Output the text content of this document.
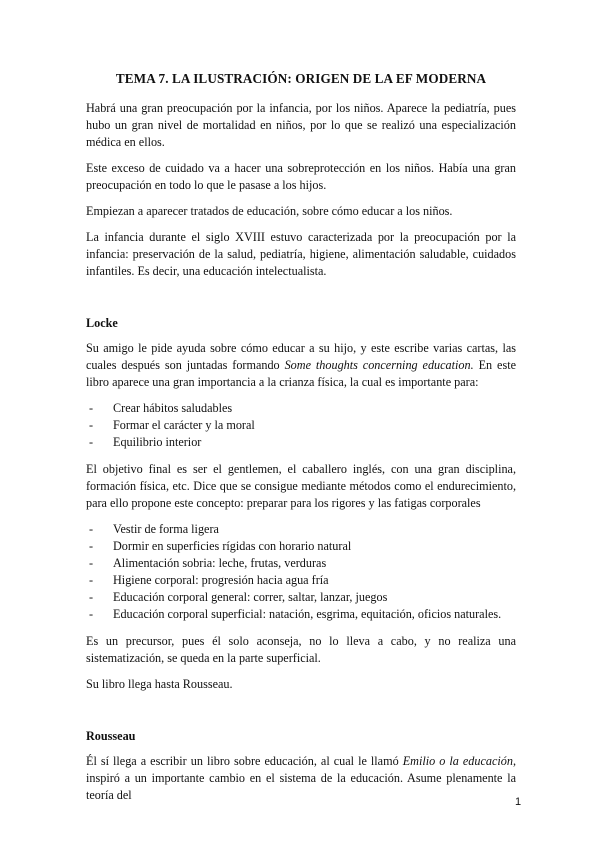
TEMA 7. LA ILUSTRACIÓN: ORIGEN DE LA EF MODERNA

Habrá una gran preocupación por la infancia, por los niños. Aparece la pediatría, pues hubo un gran nivel de mortalidad en niños, por lo que se realizó una especialización médica en ellos.

Este exceso de cuidado va a hacer una sobreprotección en los niños. Había una gran preocupación en todo lo que le pasase a los hijos.

Empiezan a aparecer tratados de educación, sobre cómo educar a los niños.

La infancia durante el siglo XVIII estuvo caracterizada por la preocupación por la infancia: preservación de la salud, pediatría, higiene, alimentación saludable, cuidados infantiles. Es decir, una educación intelectualista.

Locke

Su amigo le pide ayuda sobre cómo educar a su hijo, y este escribe varias cartas, las cuales después son juntadas formando Some thoughts concerning education. En este libro aparece una gran importancia a la crianza física, la cual es importante para:

- Crear hábitos saludables
- Formar el carácter y la moral
- Equilibrio interior

El objetivo final es ser el gentlemen, el caballero inglés, con una gran disciplina, formación física, etc. Dice que se consigue mediante métodos como el endurecimiento, para ello propone este concepto: preparar para los rigores y las fatigas corporales

- Vestir de forma ligera
- Dormir en superficies rígidas con horario natural
- Alimentación sobria: leche, frutas, verduras
- Higiene corporal: progresión hacia agua fría
- Educación corporal general: correr, saltar, lanzar, juegos
- Educación corporal superficial: natación, esgrima, equitación, oficios naturales.

Es un precursor, pues él solo aconseja, no lo lleva a cabo, y no realiza una sistematización, se queda en la parte superficial.

Su libro llega hasta Rousseau.

Rousseau

Él sí llega a escribir un libro sobre educación, al cual le llamó Emilio o la educación, inspiró a un importante cambio en el sistema de la educación. Asume plenamente la teoría del	1
